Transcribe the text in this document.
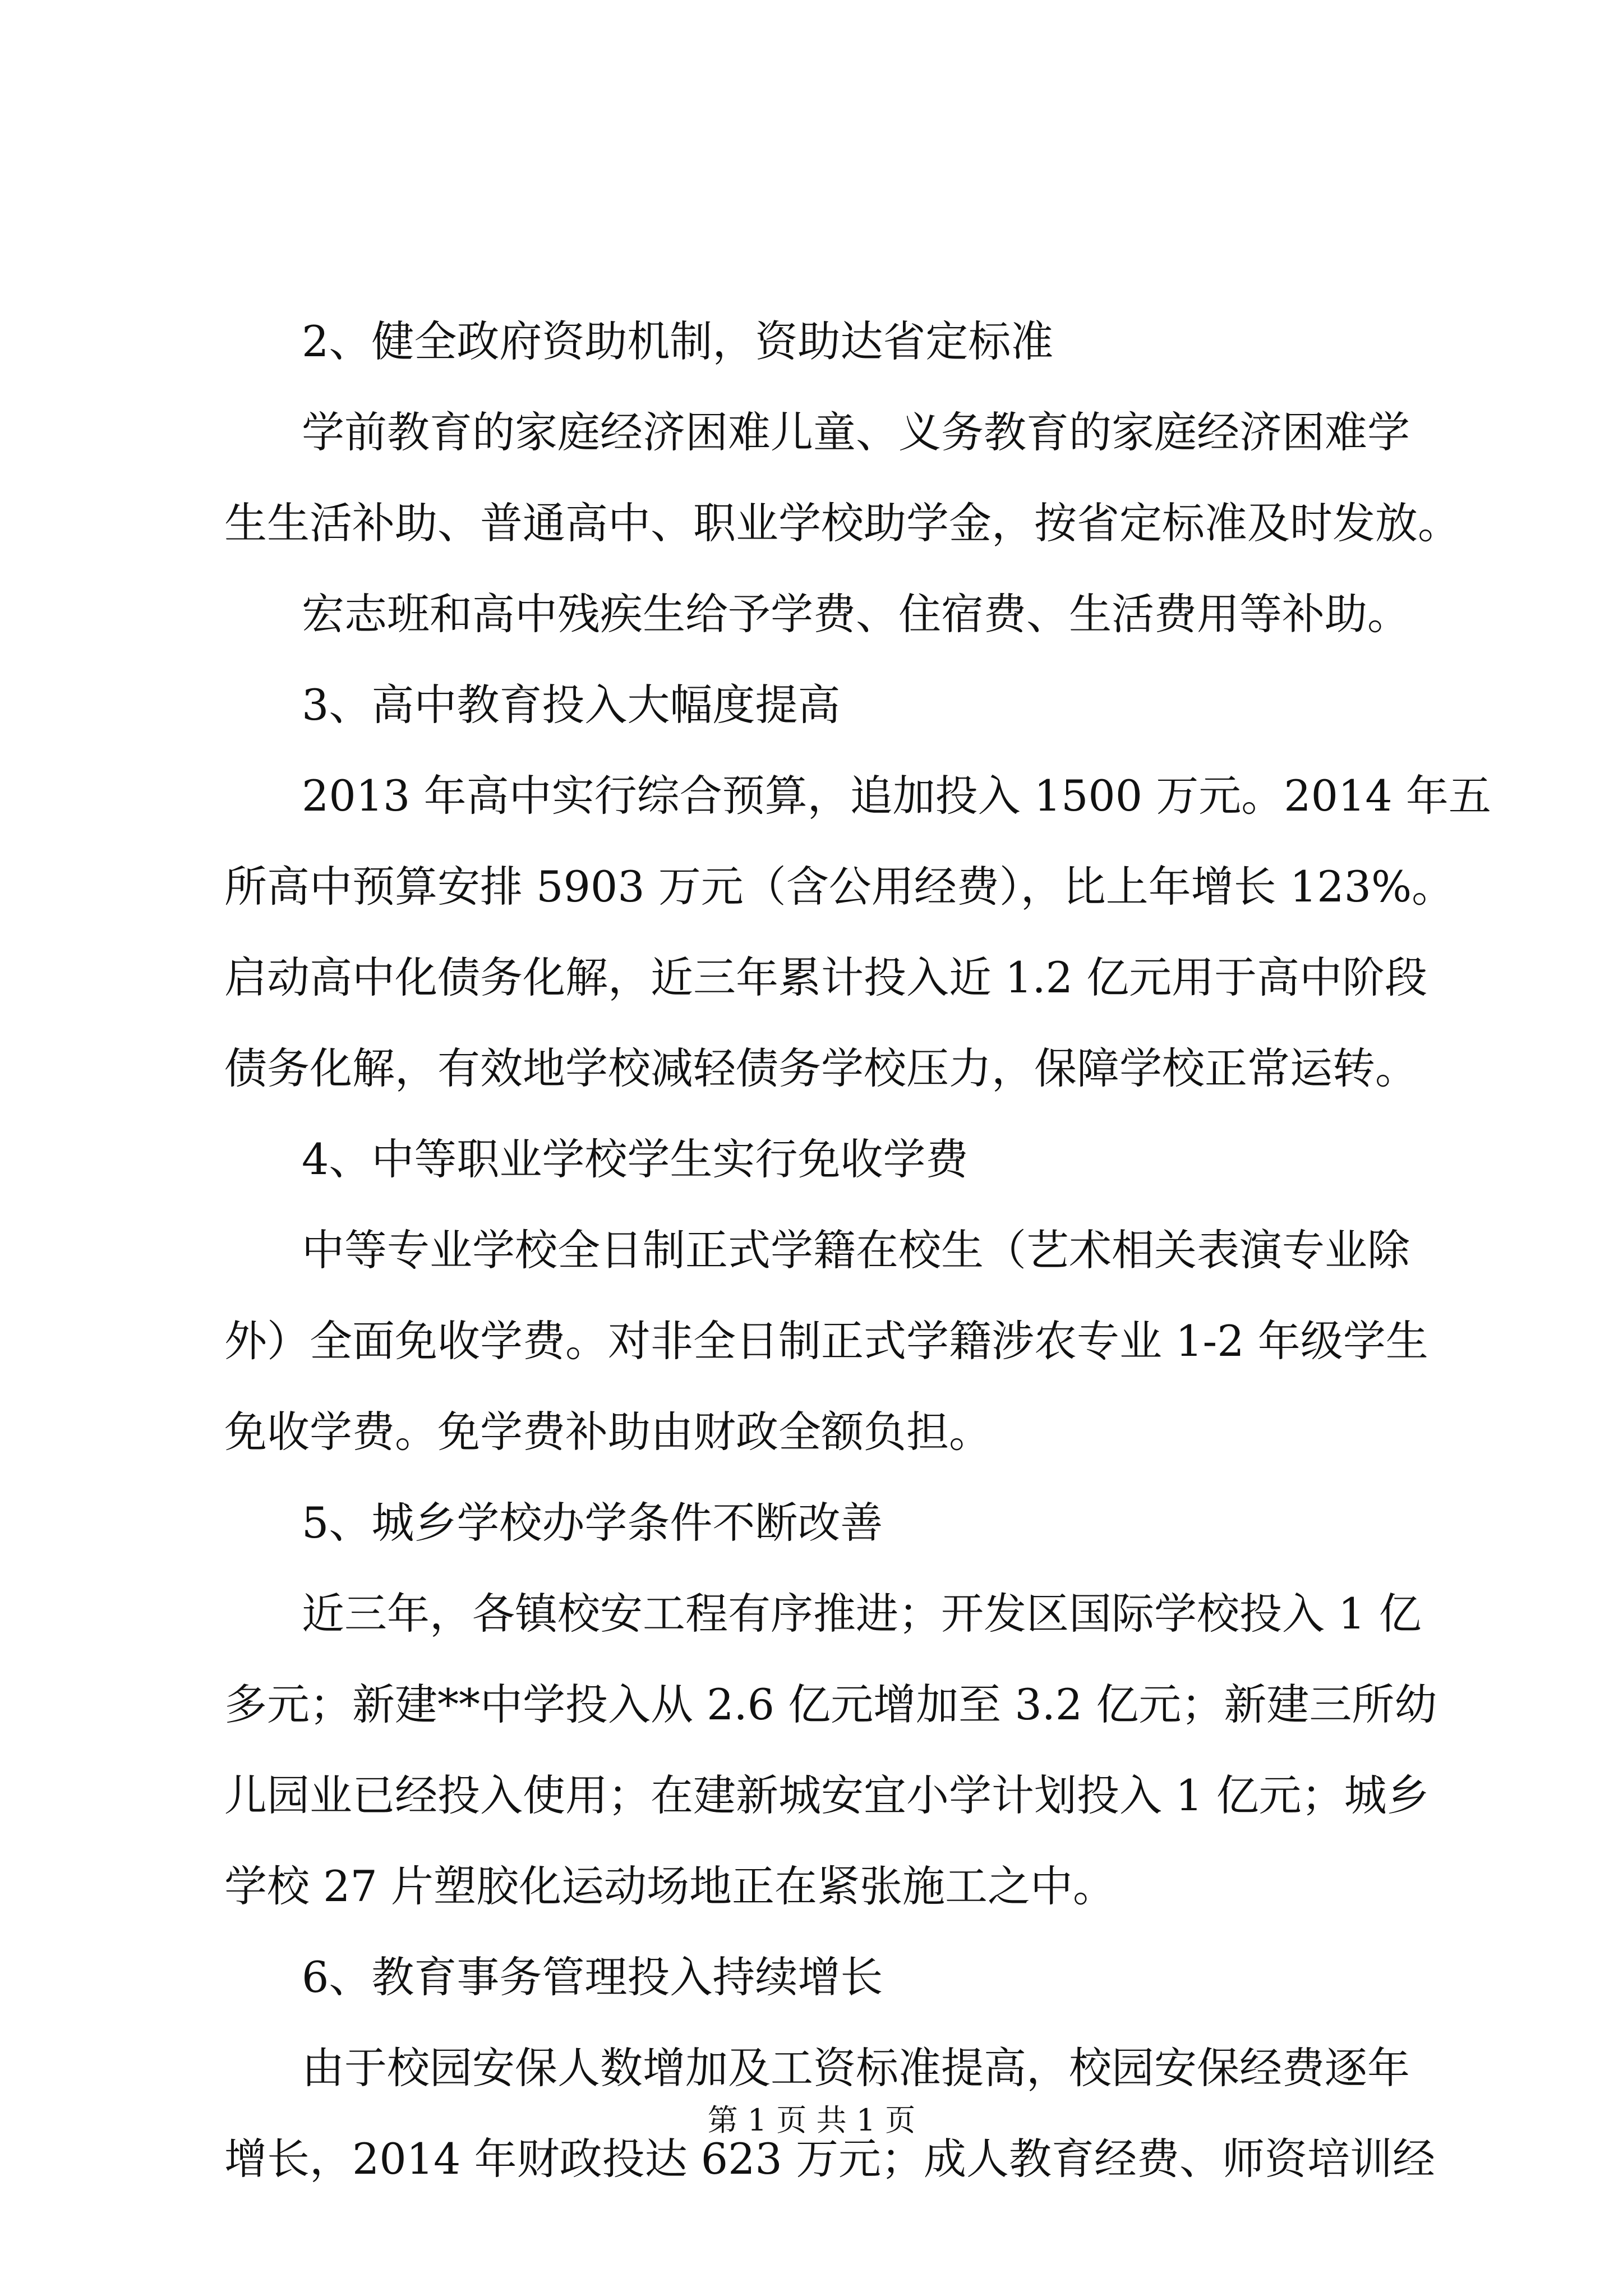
2、健全政府资助机制，资助达省定标准
学前教育的家庭经济困难儿童、义务教育的家庭经济困难学
生生活补助、普通高中、职业学校助学金，按省定标准及时发放。
宏志班和高中残疾生给予学费、住宿费、生活费用等补助。
3、高中教育投入大幅度提高
2013 年高中实行综合预算，追加投入 1500 万元。2014 年五
所高中预算安排 5903 万元（含公用经费），比上年增长 123%。
启动高中化债务化解，近三年累计投入近 1.2 亿元用于高中阶段
债务化解，有效地学校减轻债务学校压力，保障学校正常运转。
4、中等职业学校学生实行免收学费
中等专业学校全日制正式学籍在校生（艺术相关表演专业除
外）全面免收学费。对非全日制正式学籍涉农专业 1-2 年级学生
免收学费。免学费补助由财政全额负担。
5、城乡学校办学条件不断改善
近三年，各镇校安工程有序推进；开发区国际学校投入 1 亿
多元；新建**中学投入从 2.6 亿元增加至 3.2 亿元；新建三所幼
儿园业已经投入使用；在建新城安宜小学计划投入 1 亿元；城乡
学校 27 片塑胶化运动场地正在紧张施工之中。
6、教育事务管理投入持续增长
由于校园安保人数增加及工资标准提高，校园安保经费逐年
增长，2014 年财政投达 623 万元；成人教育经费、师资培训经
第 1 页 共 1 页
